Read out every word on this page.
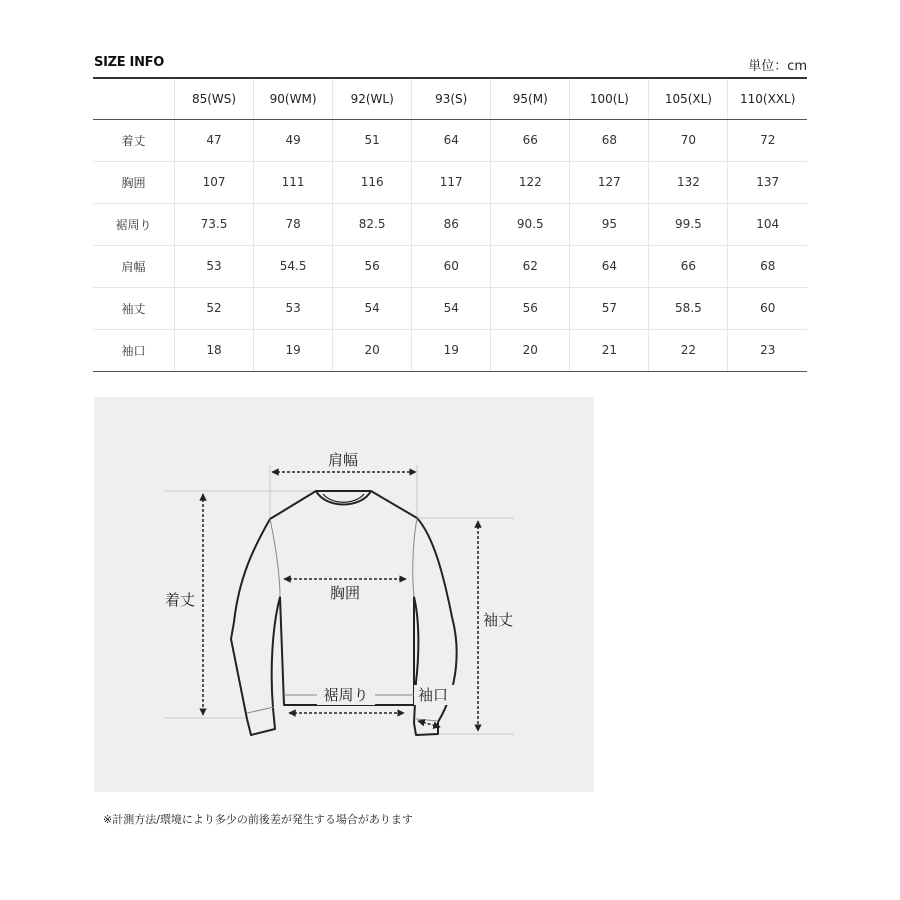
SIZE INFO	単位：cm
	85(WS)	90(WM)	92(WL)	93(S)	95(M)	100(L)	105(XL)	110(XXL)
着丈	47	49	51	64	66	68	70	72
胸囲	107	111	116	117	122	127	132	137
裾周り	73.5	78	82.5	86	90.5	95	99.5	104
肩幅	53	54.5	56	60	62	64	66	68
袖丈	52	53	54	54	56	57	58.5	60
袖口	18	19	20	19	20	21	22	23
肩幅
着丈	胸囲
袖丈
裾周り	袖口
※計測方法/環境により多少の前後差が発生する場合があります
